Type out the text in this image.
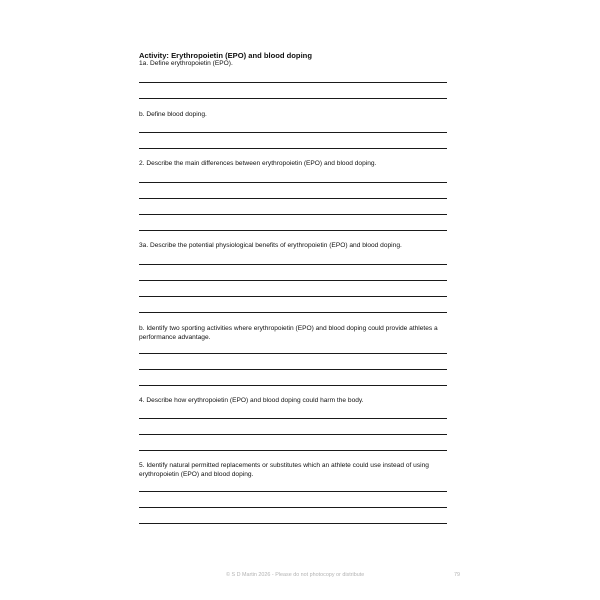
Activity: Erythropoietin (EPO) and blood doping
1a. Define erythropoietin (EPO).
b. Define blood doping.
2. Describe the main differences between erythropoietin (EPO) and blood doping.
3a. Describe the potential physiological benefits of erythropoietin (EPO) and blood doping.
b. Identify two sporting activities where erythropoietin (EPO) and blood doping could provide athletes a performance advantage.
4. Describe how erythropoietin (EPO) and blood doping could harm the body.
5. Identify natural permitted replacements or substitutes which an athlete could use instead of using erythropoietin (EPO) and blood doping.
© S D Martin 2026 - Please do not photocopy or distribute	79
